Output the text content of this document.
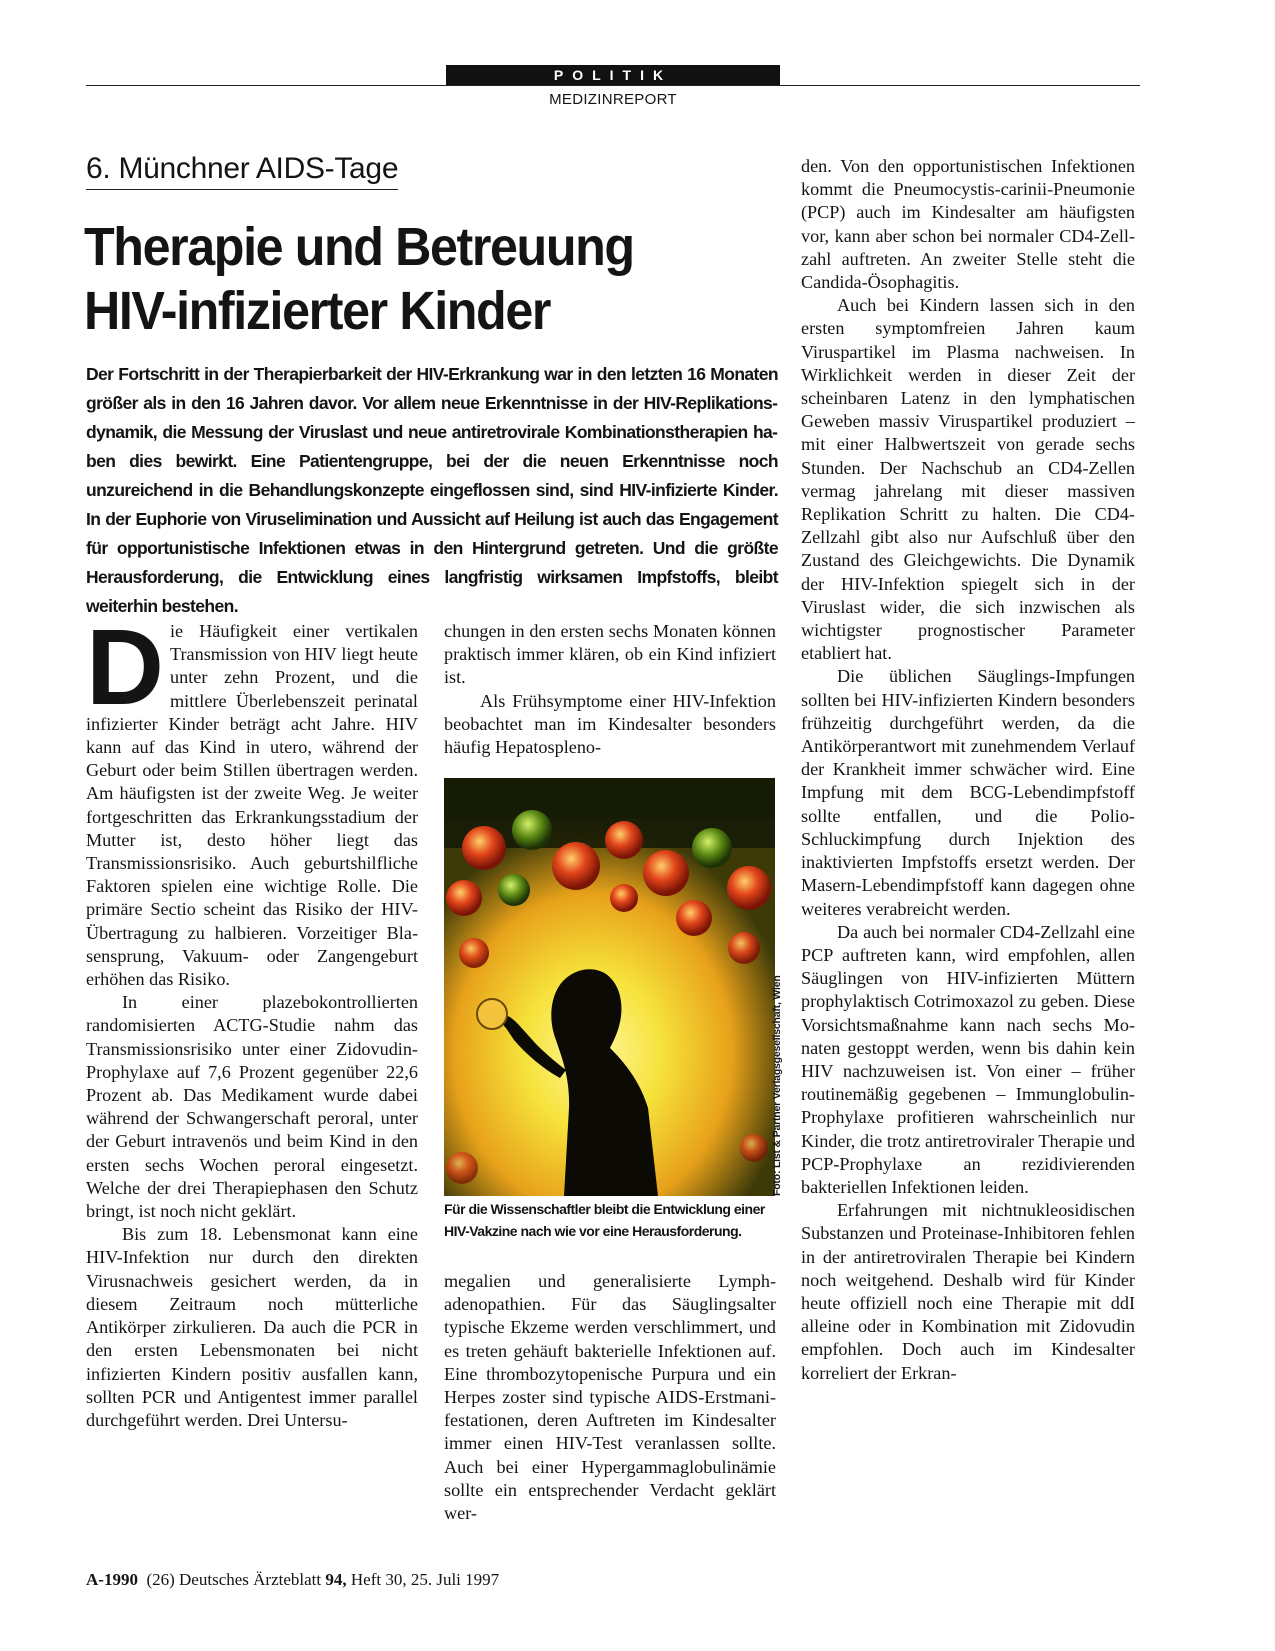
POLITIK
MEDIZINREPORT
6. Münchner AIDS-Tage
Therapie und Betreuung
HIV-infizierter Kinder
Der Fortschritt in der Therapierbarkeit der HIV-Erkrankung war in den letzten 16 Monaten größer als in den 16 Jahren davor. Vor allem neue Erkenntnisse in der HIV-Replikationsdynamik, die Messung der Viruslast und neue antiretrovirale Kombinationstherapien haben dies bewirkt. Eine Patientengruppe, bei der die neuen Erkenntnisse noch unzureichend in die Behandlungskonzepte eingeflossen sind, sind HIV-infizierte Kinder. In der Euphorie von Viruselimination und Aussicht auf Heilung ist auch das Engagement für opportunistische Infektionen etwas in den Hintergrund getreten. Und die größte Herausforderung, die Entwicklung eines langfristig wirksamen Impfstoffs, bleibt weiterhin bestehen.

Die Häufigkeit einer vertikalen Transmission von HIV liegt heute unter zehn Prozent, und die mittlere Überlebenszeit perinatal infizierter Kinder beträgt acht Jahre. HIV kann auf das Kind in utero, während der Geburt oder beim Stillen übertragen werden. Am häufigsten ist der zweite Weg. Je weiter fortgeschritten das Erkrankungsstadium der Mutter ist, desto höher liegt das Transmissionsrisiko. Auch geburtshilfliche Faktoren spielen eine wichtige Rolle. Die primäre Sectio scheint das Risiko der HIV-Übertragung zu halbieren. Vorzeitiger Blasensprung, Vakuum- oder Zangengeburt erhöhen das Risiko.

In einer plazebokontrollierten randomisierten ACTG-Studie nahm das Transmissionsrisiko unter einer Zidovudin-Prophylaxe auf 7,6 Prozent gegenüber 22,6 Prozent ab. Das Medikament wurde dabei während der Schwangerschaft peroral, unter der Geburt intravenös und beim Kind in den ersten sechs Wochen peroral eingesetzt. Welche der drei Therapiephasen den Schutz bringt, ist noch nicht geklärt.

Bis zum 18. Lebensmonat kann eine HIV-Infektion nur durch den direkten Virusnachweis gesichert werden, da in diesem Zeitraum noch mütterliche Antikörper zirkulieren. Da auch die PCR in den ersten Lebensmonaten bei nicht infizierten Kindern positiv ausfallen kann, sollten PCR und Antigentest immer parallel durchgeführt werden. Drei Untersu-

chungen in den ersten sechs Monaten können praktisch immer klären, ob ein Kind infiziert ist.

Als Frühsymptome einer HIV-Infektion beobachtet man im Kindesalter besonders häufig Hepatospleno-

Foto: List & Partner Verlagsgesellschaft, Wien
Für die Wissenschaftler bleibt die Entwicklung einer HIV-Vakzine nach wie vor eine Herausforderung.

megalien und generalisierte Lymphadenopathien. Für das Säuglingsalter typische Ekzeme werden verschlimmert, und es treten gehäuft bakterielle Infektionen auf. Eine thrombozytopenische Purpura und ein Herpes zoster sind typische AIDS-Erstmanifestationen, deren Auftreten im Kindesalter immer einen HIV-Test veranlassen sollte. Auch bei einer Hypergammaglobulinämie sollte ein entsprechender Verdacht geklärt wer-

den. Von den opportunistischen Infektionen kommt die Pneumocystis-carinii-Pneumonie (PCP) auch im Kindesalter am häufigsten vor, kann aber schon bei normaler CD4-Zellzahl auftreten. An zweiter Stelle steht die Candida-Ösophagitis.

Auch bei Kindern lassen sich in den ersten symptomfreien Jahren kaum Viruspartikel im Plasma nachweisen. In Wirklichkeit werden in dieser Zeit der scheinbaren Latenz in den lymphatischen Geweben massiv Viruspartikel produziert – mit einer Halbwertszeit von gerade sechs Stunden. Der Nachschub an CD4-Zellen vermag jahrelang mit dieser massiven Replikation Schritt zu halten. Die CD4-Zellzahl gibt also nur Aufschluß über den Zustand des Gleichgewichts. Die Dynamik der HIV-Infektion spiegelt sich in der Viruslast wider, die sich inzwischen als wichtigster prognostischer Parameter etabliert hat.

Die üblichen Säuglings-Impfungen sollten bei HIV-infizierten Kindern besonders frühzeitig durchgeführt werden, da die Antikörperantwort mit zunehmendem Verlauf der Krankheit immer schwächer wird. Eine Impfung mit dem BCG-Lebendimpfstoff sollte entfallen, und die Polio-Schluckimpfung durch Injektion des inaktivierten Impfstoffs ersetzt werden. Der Masern-Lebendimpfstoff kann dagegen ohne weiteres verabreicht werden.

Da auch bei normaler CD4-Zellzahl eine PCP auftreten kann, wird empfohlen, allen Säuglingen von HIV-infizierten Müttern prophylaktisch Cotrimoxazol zu geben. Diese Vorsichtsmaßnahme kann nach sechs Monaten gestoppt werden, wenn bis dahin kein HIV nachzuweisen ist. Von einer – früher routinemäßig gegebenen – Immunglobulin-Prophylaxe profitieren wahrscheinlich nur Kinder, die trotz antiretroviraler Therapie und PCP-Prophylaxe an rezidivierenden bakteriellen Infektionen leiden.

Erfahrungen mit nichtnukleosidischen Substanzen und Proteinase-Inhibitoren fehlen in der antiretroviralen Therapie bei Kindern noch weitgehend. Deshalb wird für Kinder heute offiziell noch eine Therapie mit ddI alleine oder in Kombination mit Zidovudin empfohlen. Doch auch im Kindesalter korreliert der Erkran-

A-1990 (26) Deutsches Ärzteblatt 94, Heft 30, 25. Juli 1997
